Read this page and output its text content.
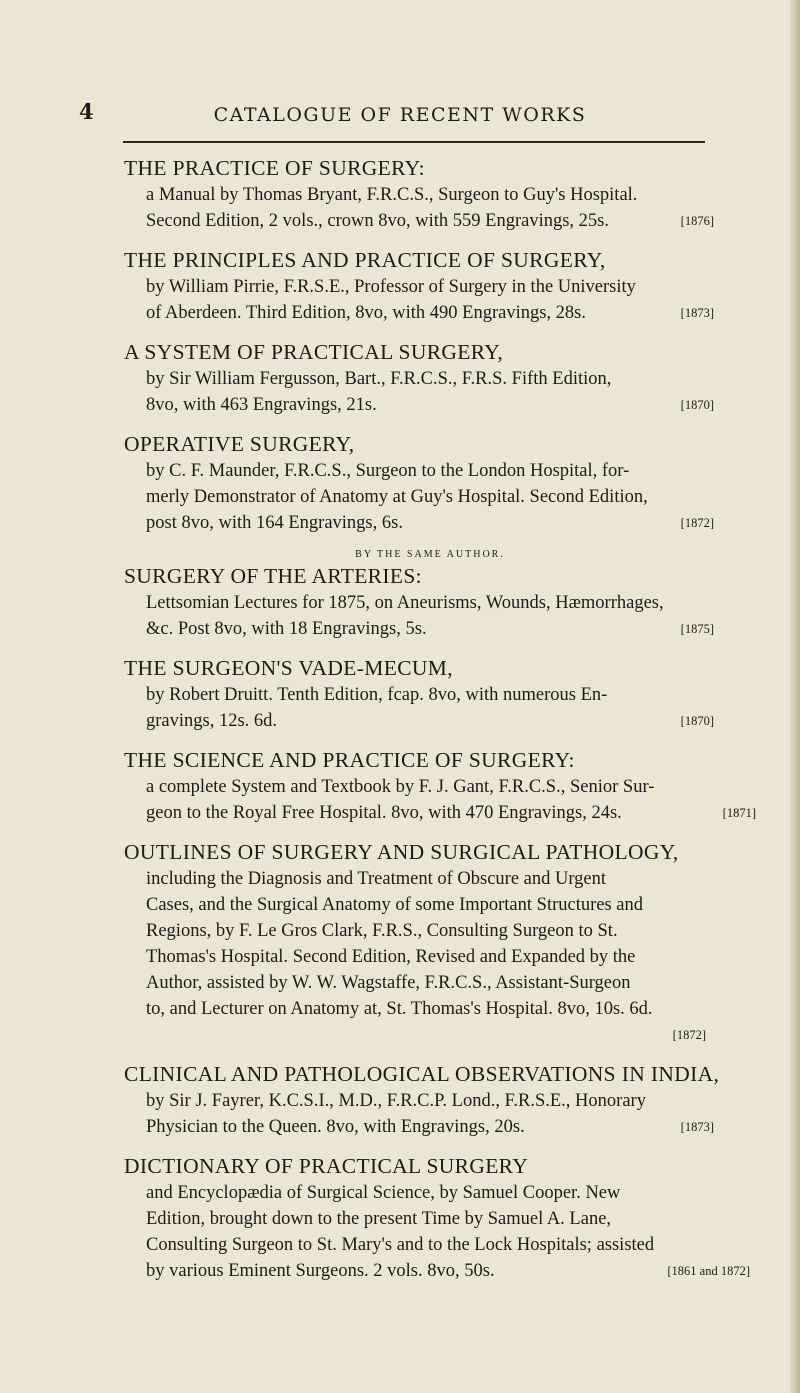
4	CATALOGUE OF RECENT WORKS
THE PRACTICE OF SURGERY:
a Manual by Thomas Bryant, F.R.C.S., Surgeon to Guy's Hospital.
Second Edition, 2 vols., crown 8vo, with 559 Engravings, 25s.	[1876]
THE PRINCIPLES AND PRACTICE OF SURGERY,
by William Pirrie, F.R.S.E., Professor of Surgery in the University
of Aberdeen. Third Edition, 8vo, with 490 Engravings, 28s.	[1873]
A SYSTEM OF PRACTICAL SURGERY,
by Sir William Fergusson, Bart., F.R.C.S., F.R.S. Fifth Edition,
8vo, with 463 Engravings, 21s.	[1870]
OPERATIVE SURGERY,
by C. F. Maunder, F.R.C.S., Surgeon to the London Hospital, for-
merly Demonstrator of Anatomy at Guy's Hospital. Second Edition,
post 8vo, with 164 Engravings, 6s.	[1872]
BY THE SAME AUTHOR.
SURGERY OF THE ARTERIES:
Lettsomian Lectures for 1875, on Aneurisms, Wounds, Hæmorrhages,
&c. Post 8vo, with 18 Engravings, 5s.	[1875]
THE SURGEON'S VADE-MECUM,
by Robert Druitt. Tenth Edition, fcap. 8vo, with numerous En-
gravings, 12s. 6d.	[1870]
THE SCIENCE AND PRACTICE OF SURGERY:
a complete System and Textbook by F. J. Gant, F.R.C.S., Senior Sur-
geon to the Royal Free Hospital. 8vo, with 470 Engravings, 24s.	[1871]
OUTLINES OF SURGERY AND SURGICAL PATHOLOGY,
including the Diagnosis and Treatment of Obscure and Urgent
Cases, and the Surgical Anatomy of some Important Structures and
Regions, by F. Le Gros Clark, F.R.S., Consulting Surgeon to St.
Thomas's Hospital. Second Edition, Revised and Expanded by the
Author, assisted by W. W. Wagstaffe, F.R.C.S., Assistant-Surgeon
to, and Lecturer on Anatomy at, St. Thomas's Hospital. 8vo, 10s. 6d.
[1872]
CLINICAL AND PATHOLOGICAL OBSERVATIONS IN INDIA,
by Sir J. Fayrer, K.C.S.I., M.D., F.R.C.P. Lond., F.R.S.E., Honorary
Physician to the Queen. 8vo, with Engravings, 20s.	[1873]
DICTIONARY OF PRACTICAL SURGERY
and Encyclopædia of Surgical Science, by Samuel Cooper. New
Edition, brought down to the present Time by Samuel A. Lane,
Consulting Surgeon to St. Mary's and to the Lock Hospitals; assisted
by various Eminent Surgeons. 2 vols. 8vo, 50s.	[1861 and 1872]
